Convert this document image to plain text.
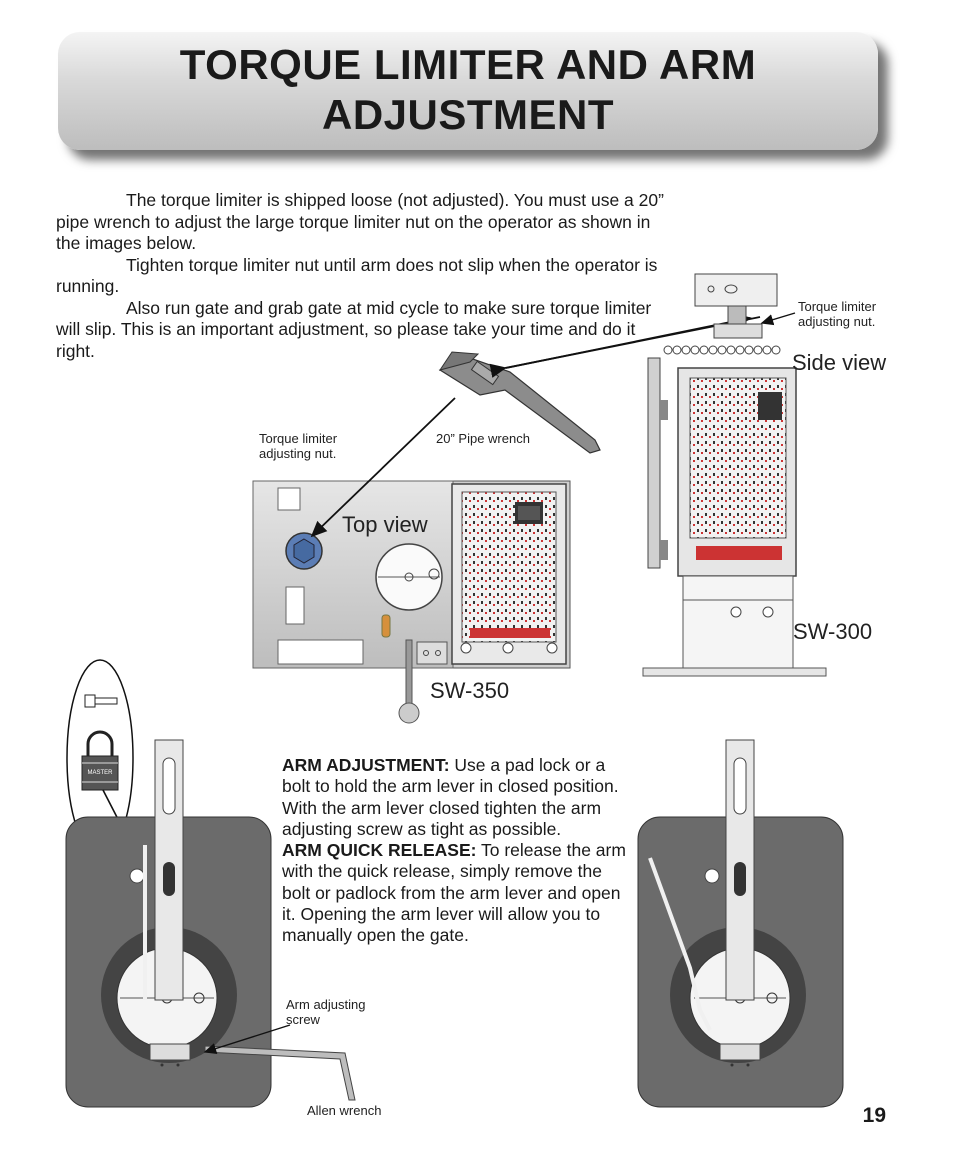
TORQUE LIMITER AND ARM
ADJUSTMENT

The torque limiter is shipped loose (not adjusted). You must use a 20” pipe wrench to adjust the large torque limiter nut on the operator as shown in the images below.

Tighten torque limiter nut until arm does not slip when the operator is running.

Also run gate and grab gate at mid cycle to make sure torque limiter will slip. This is an important adjustment, so please take your time and do it right.

MASTER
Torque limiter
adjusting nut.
20” Pipe wrench
Top view
SW-350
Torque limiter
adjusting nut.
Side view
SW-300
Arm adjusting
screw
Allen wrench

ARM ADJUSTMENT: Use a pad lock or a bolt to hold the arm lever in closed position. With the arm lever closed tighten the arm adjusting screw as tight as possible.

ARM QUICK RELEASE: To release the arm with the quick release, simply remove the bolt or padlock from the arm lever and open it. Opening the arm lever will allow you to manually open the gate.

19
